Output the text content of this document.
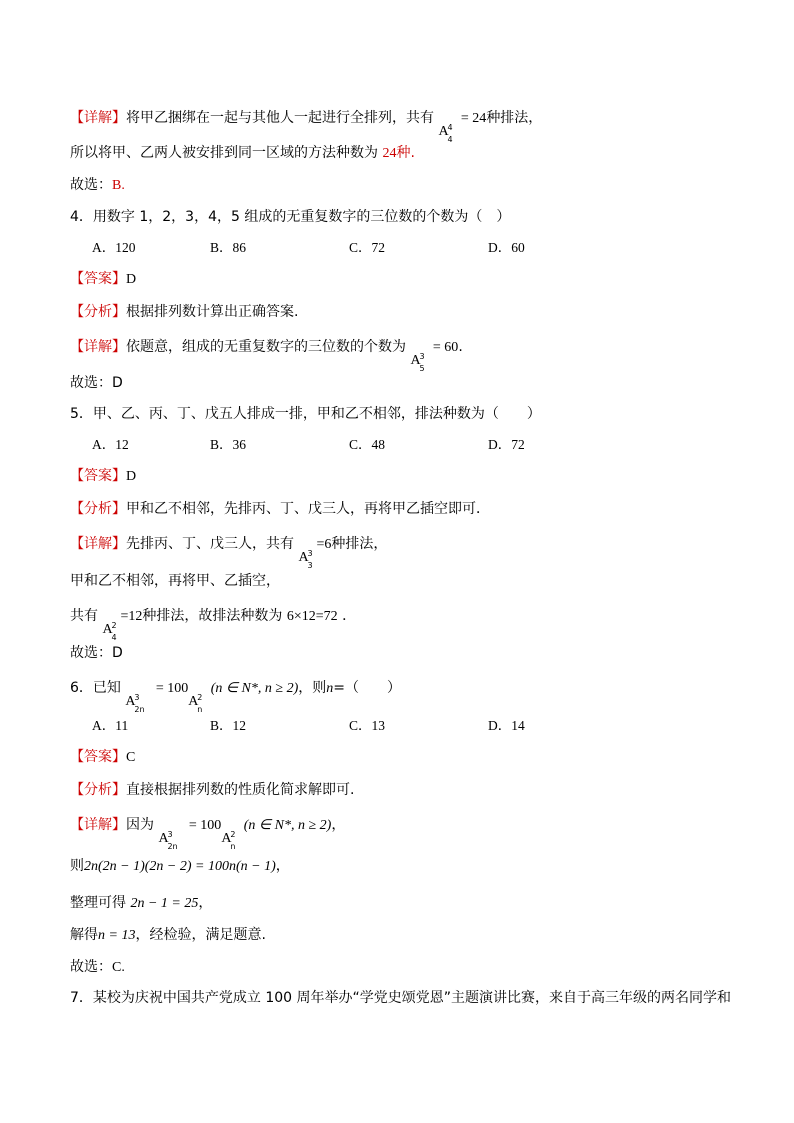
【详解】将甲乙捆绑在一起与其他人一起进行全排列，共有
A
4
4
= 24种排法，
所以将甲、乙两人被安排到同一区域的方法种数为 24种.
故选：B.
4．用数字 1，2，3，4，5 组成的无重复数字的三位数的个数为（　）
A．120	B．86	C．72	D．60
【答案】D
【分析】根据排列数计算出正确答案.
【详解】依题意，组成的无重复数字的三位数的个数为
A
3
5
= 60.
故选：D
5．甲、乙、丙、丁、戊五人排成一排，甲和乙不相邻，排法种数为（　　）
A．12	B．36	C．48	D．72
【答案】D
【分析】甲和乙不相邻，先排丙、丁、戊三人，再将甲乙插空即可．
【详解】先排丙、丁、戊三人，共有
A
3
3
=6种排法，
甲和乙不相邻，再将甲、乙插空，
共有
A
2
4
=12种排法，故排法种数为 6×12=72 ．
故选：D
6．已知
A
3
2n
= 100
A
2
n
(n ∈ N*, n ≥ 2)，则n=（　　）
A．11	B．12	C．13	D．14
【答案】C
【分析】直接根据排列数的性质化简求解即可.
【详解】因为
A
3
2n
= 100
A
2
n
(n ∈ N*, n ≥ 2)，
则2n(2n − 1)(2n − 2) = 100n(n − 1)，
整理可得 2n − 1 = 25，
解得n = 13，经检验，满足题意.
故选：C.
7．某校为庆祝中国共产党成立 100 周年举办“学党史颂党恩”主题演讲比赛，来自于高三年级的两名同学和
